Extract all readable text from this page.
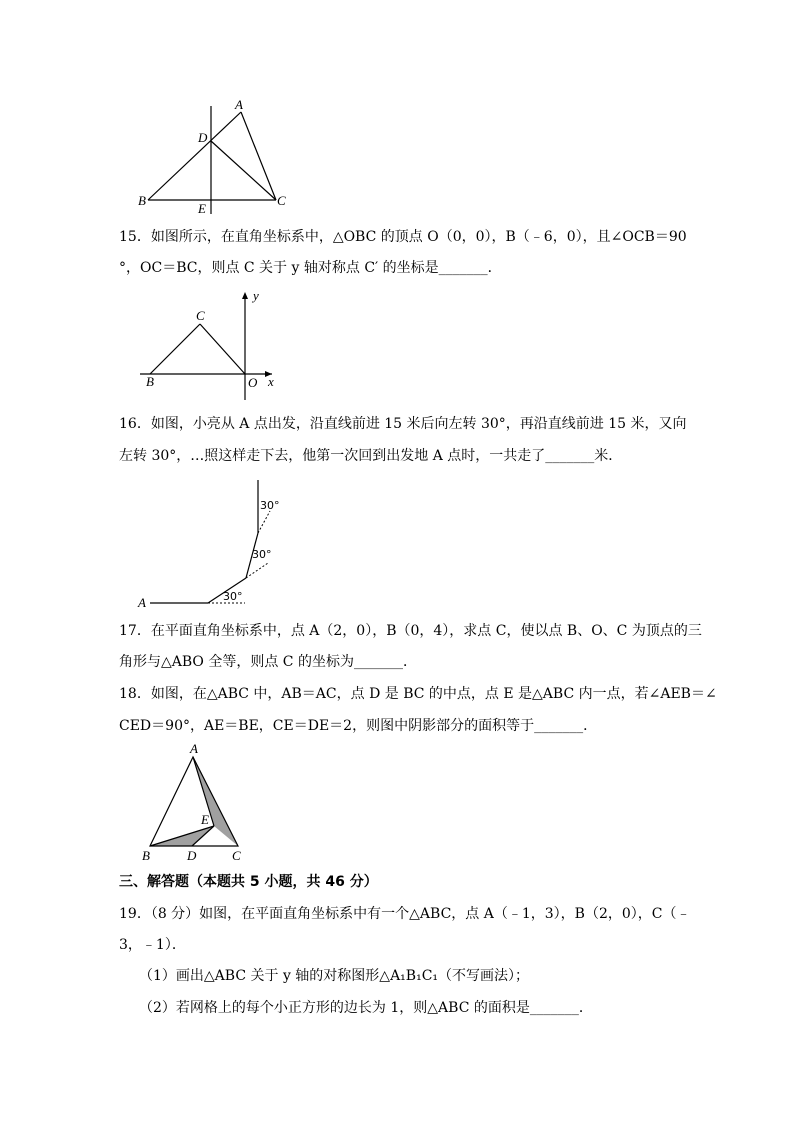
A
D
B
E
C
15．如图所示，在直角坐标系中，△OBC 的顶点 O（0，0），B（﹣6，0），且∠OCB＝90
°，OC＝BC，则点 C 关于 y 轴对称点 C′ 的坐标是_______．
C
B	O x
y
16．如图，小亮从 A 点出发，沿直线前进 15 米后向左转 30°，再沿直线前进 15 米，又向
左转 30°，…照这样走下去，他第一次回到出发地 A 点时，一共走了_______米．
A	30°
30°
30°
17．在平面直角坐标系中，点 A（2，0），B（0，4），求点 C，使以点 B、O、C 为顶点的三
角形与△ABO 全等，则点 C 的坐标为_______．
18．如图，在△ABC 中，AB＝AC，点 D 是 BC 的中点，点 E 是△ABC 内一点，若∠AEB＝∠
CED＝90°，AE＝BE，CE＝DE＝2，则图中阴影部分的面积等于_______．
A
E
B	D	C
三、解答题（本题共 5 小题，共 46 分）
19．（8 分）如图，在平面直角坐标系中有一个△ABC，点 A（﹣1，3），B（2，0），C（﹣
3，﹣1）．
（1）画出△ABC 关于 y 轴的对称图形△A₁B₁C₁（不写画法）；
（2）若网格上的每个小正方形的边长为 1，则△ABC 的面积是_______．
